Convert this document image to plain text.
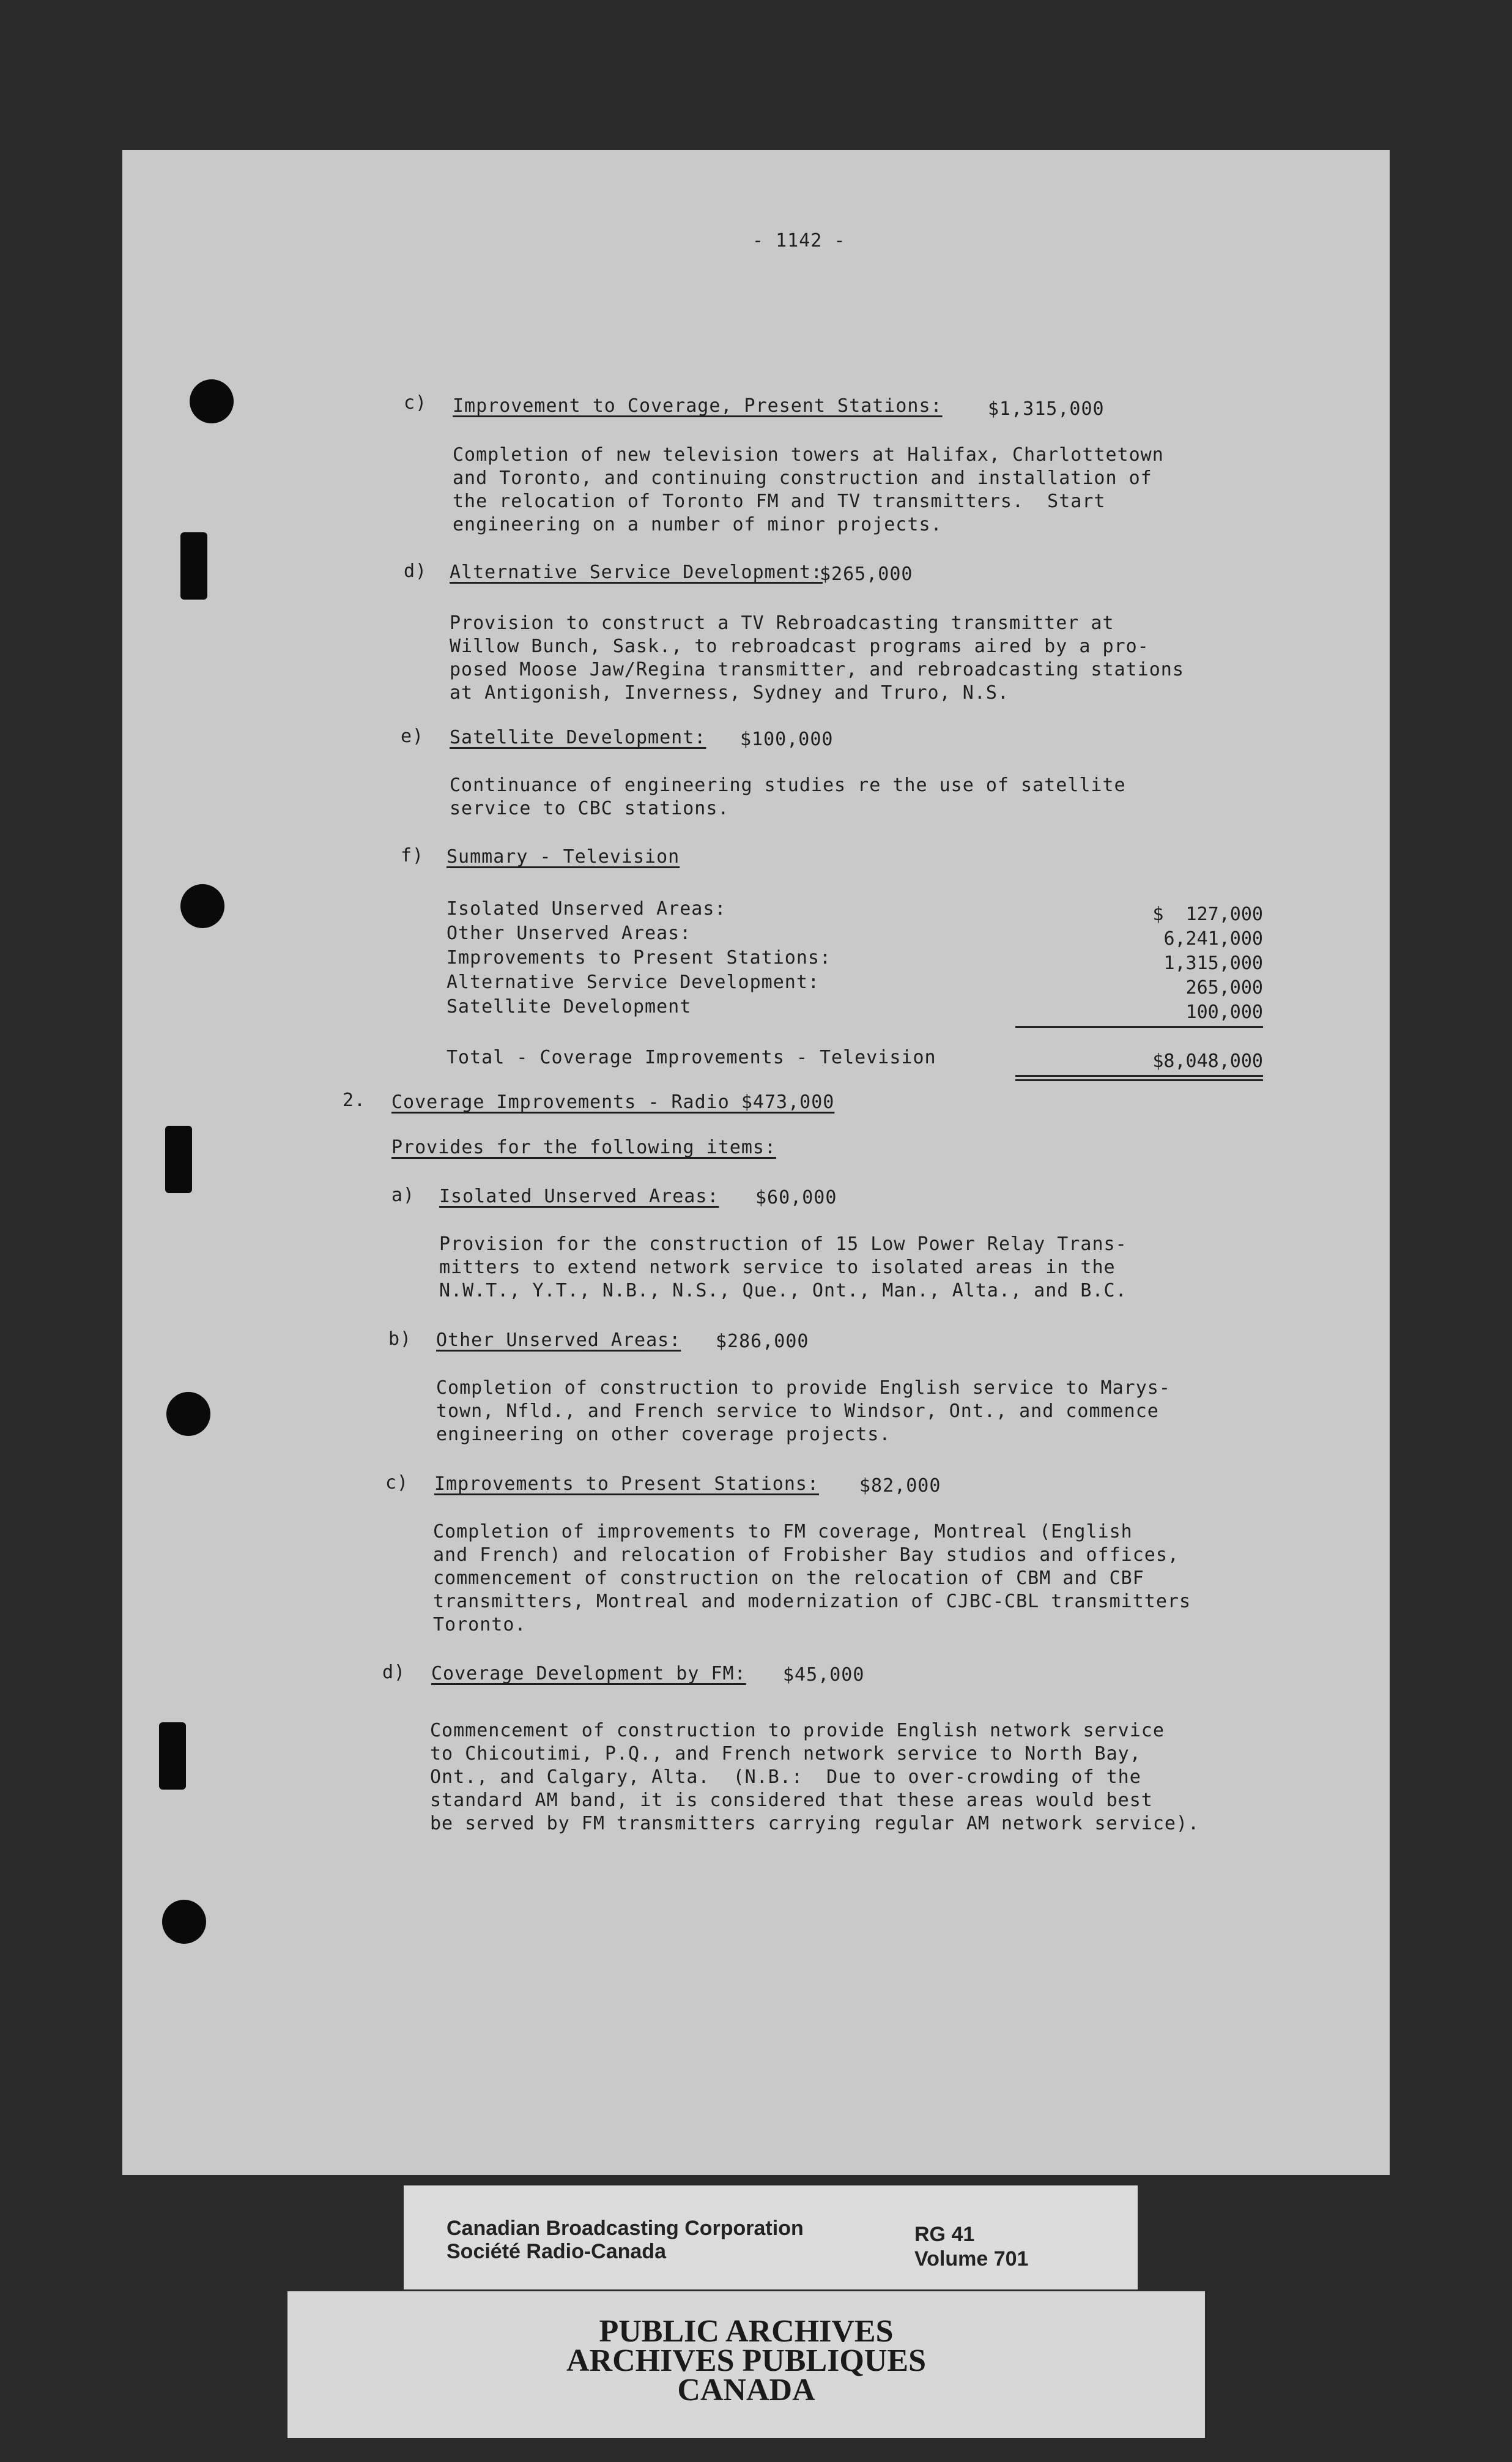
- 1142 -
c) Improvement to Coverage, Present Stations: $1,315,000
Completion of new television towers at Halifax, Charlottetown
and Toronto, and continuing construction and installation of
the relocation of Toronto FM and TV transmitters.  Start
engineering on a number of minor projects.
d) Alternative Service Development:
$265,000
Provision to construct a TV Rebroadcasting transmitter at
Willow Bunch, Sask., to rebroadcast programs aired by a pro-
posed Moose Jaw/Regina transmitter, and rebroadcasting stations
at Antigonish, Inverness, Sydney and Truro, N.S.
e) Satellite Development: $100,000
Continuance of engineering studies re the use of satellite
service to CBC stations.
f) Summary - Television
Isolated Unserved Areas:
Other Unserved Areas:
Improvements to Present Stations:
Alternative Service Development:
Satellite Development
$  127,000
6,241,000
1,315,000
265,000
100,000
Total - Coverage Improvements - Television	$8,048,000
2. Coverage Improvements - Radio $473,000
Provides for the following items:
a) Isolated Unserved Areas: $60,000
Provision for the construction of 15 Low Power Relay Trans-
mitters to extend network service to isolated areas in the
N.W.T., Y.T., N.B., N.S., Que., Ont., Man., Alta., and B.C.
b) Other Unserved Areas: $286,000
Completion of construction to provide English service to Marys-
town, Nfld., and French service to Windsor, Ont., and commence
engineering on other coverage projects.
c) Improvements to Present Stations: $82,000
Completion of improvements to FM coverage, Montreal (English
and French) and relocation of Frobisher Bay studios and offices,
commencement of construction on the relocation of CBM and CBF
transmitters, Montreal and modernization of CJBC-CBL transmitters
Toronto.
d) Coverage Development by FM: $45,000
Commencement of construction to provide English network service
to Chicoutimi, P.Q., and French network service to North Bay,
Ont., and Calgary, Alta.  (N.B.:  Due to over-crowding of the
standard AM band, it is considered that these areas would best
be served by FM transmitters carrying regular AM network service).
Canadian Broadcasting Corporation
Société Radio-Canada
RG 41
Volume 701
PUBLIC ARCHIVES
ARCHIVES PUBLIQUES
CANADA
